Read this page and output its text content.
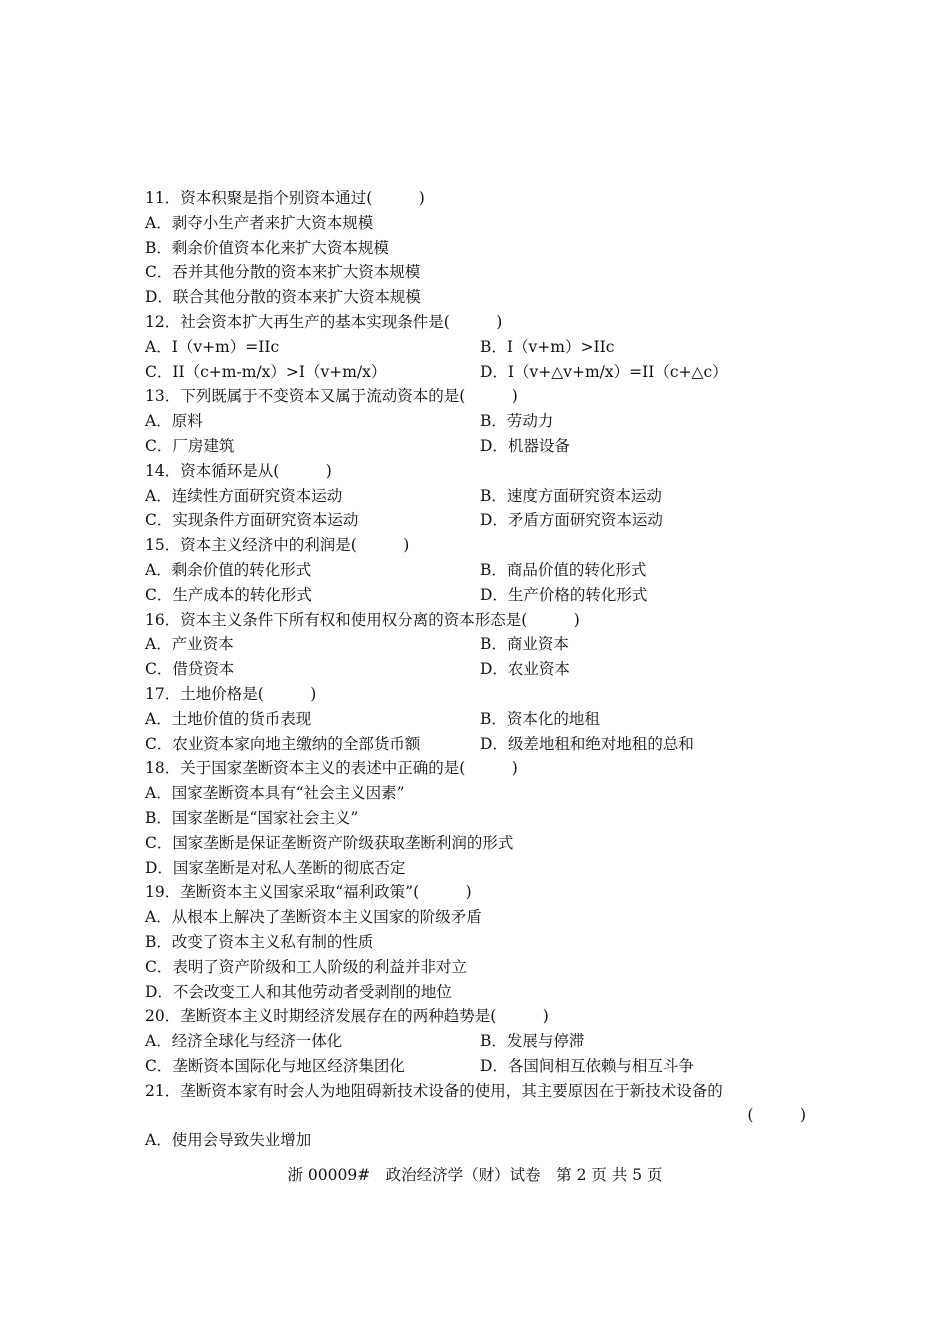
11．资本积聚是指个别资本通过(　　　)
A．剥夺小生产者来扩大资本规模
B．剩余价值资本化来扩大资本规模
C．吞并其他分散的资本来扩大资本规模
D．联合其他分散的资本来扩大资本规模
12．社会资本扩大再生产的基本实现条件是(　　　)
A．I（v+m）=IIc	B．I（v+m）>IIc
C．II（c+m-m/x）>I（v+m/x）	D．I（v+△v+m/x）=II（c+△c）
13．下列既属于不变资本又属于流动资本的是(　　　)
A．原料	B．劳动力
C．厂房建筑	D．机器设备
14．资本循环是从(　　　)
A．连续性方面研究资本运动	B．速度方面研究资本运动
C．实现条件方面研究资本运动	D．矛盾方面研究资本运动
15．资本主义经济中的利润是(　　　)
A．剩余价值的转化形式	B．商品价值的转化形式
C．生产成本的转化形式	D．生产价格的转化形式
16．资本主义条件下所有权和使用权分离的资本形态是(　　　)
A．产业资本	B．商业资本
C．借贷资本	D．农业资本
17．土地价格是(　　　)
A．土地价值的货币表现	B．资本化的地租
C．农业资本家向地主缴纳的全部货币额	D．级差地租和绝对地租的总和
18．关于国家垄断资本主义的表述中正确的是(　　　)
A．国家垄断资本具有“社会主义因素”
B．国家垄断是“国家社会主义”
C．国家垄断是保证垄断资产阶级获取垄断利润的形式
D．国家垄断是对私人垄断的彻底否定
19．垄断资本主义国家采取“福利政策”(　　　)
A．从根本上解决了垄断资本主义国家的阶级矛盾
B．改变了资本主义私有制的性质
C．表明了资产阶级和工人阶级的利益并非对立
D．不会改变工人和其他劳动者受剥削的地位
20．垄断资本主义时期经济发展存在的两种趋势是(　　　)
A．经济全球化与经济一体化	B．发展与停滞
C．垄断资本国际化与地区经济集团化	D．各国间相互依赖与相互斗争
21．垄断资本家有时会人为地阻碍新技术设备的使用，其主要原因在于新技术设备的
(　　　)
A．使用会导致失业增加
浙 00009#　政治经济学（财）试卷　第 2 页 共 5 页
